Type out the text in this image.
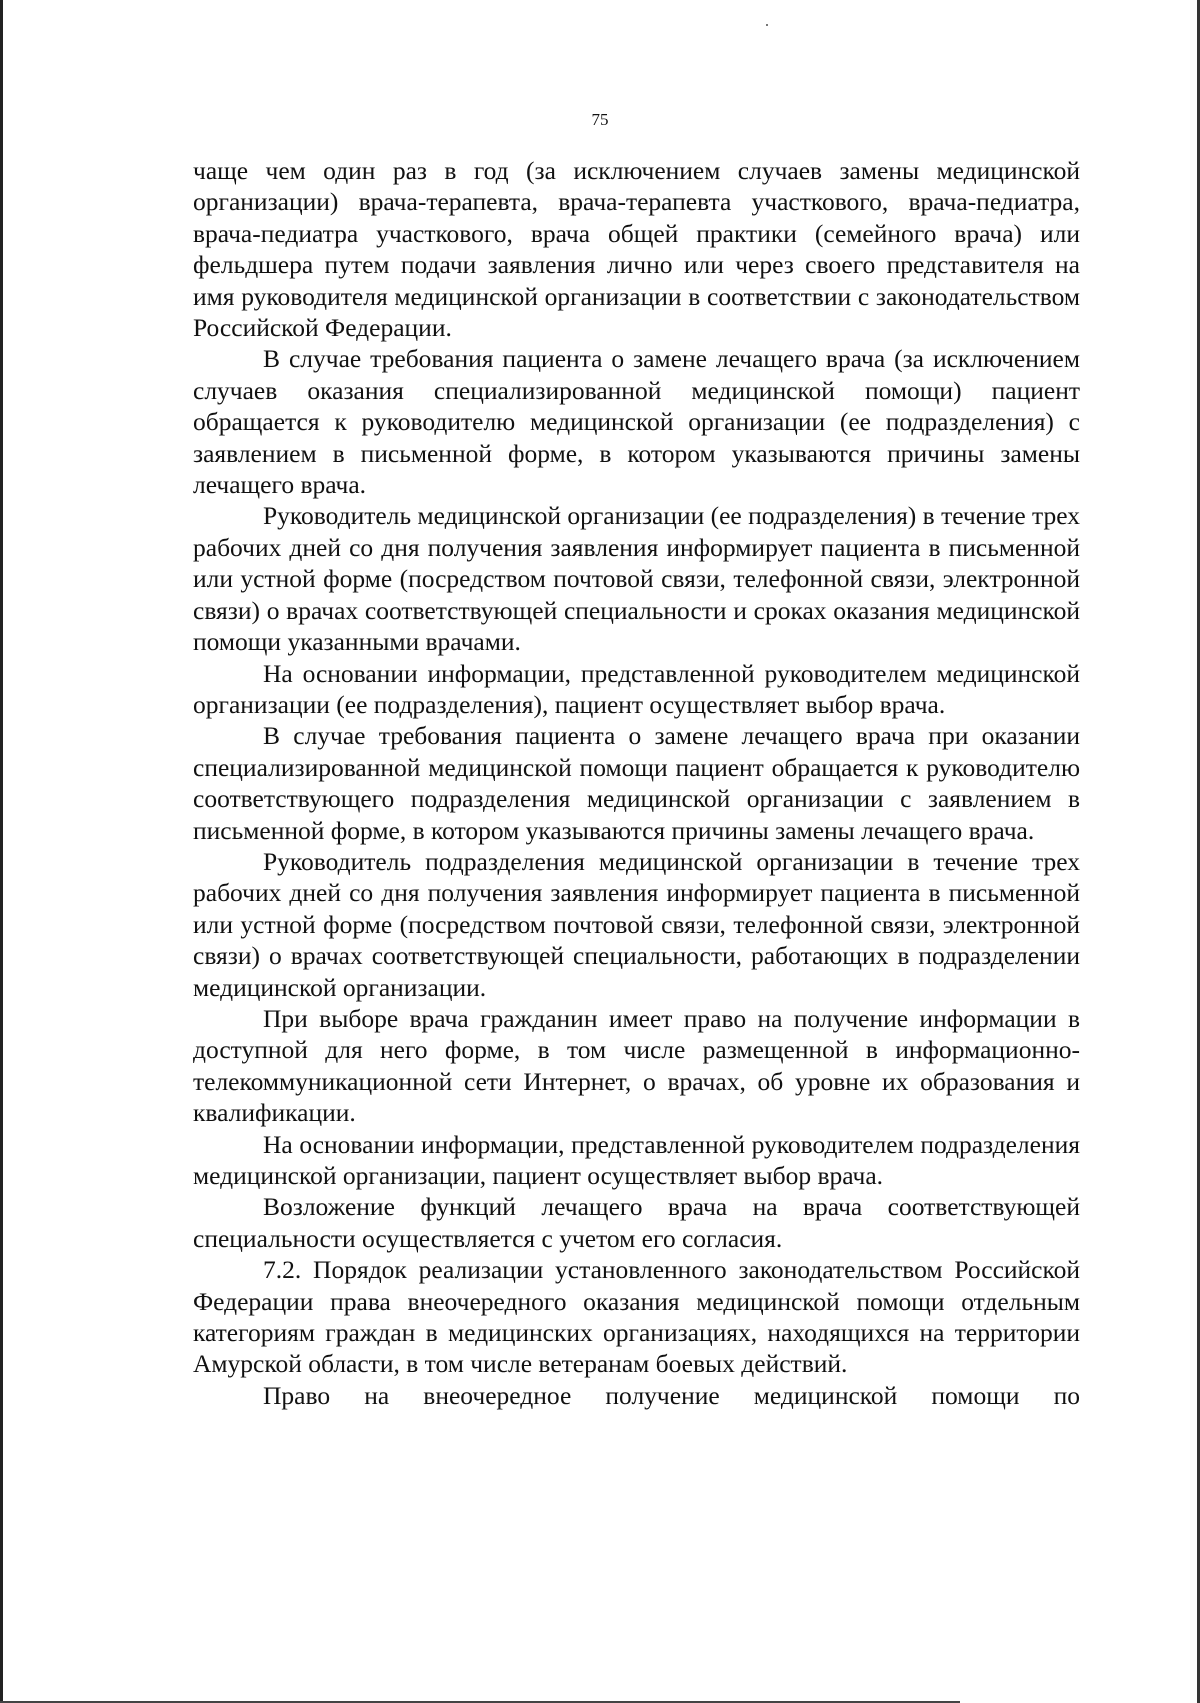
75

чаще чем один раз в год (за исключением случаев замены медицинской организации) врача-терапевта, врача-терапевта участкового, врача-педиатра, врача-педиатра участкового, врача общей практики (семейного врача) или фельдшера путем подачи заявления лично или через своего представителя на имя руководителя медицинской организации в соответствии с законодательством Российской Федерации.

В случае требования пациента о замене лечащего врача (за исключением случаев оказания специализированной медицинской помощи) пациент обращается к руководителю медицинской организации (ее подразделения) с заявлением в письменной форме, в котором указываются причины замены лечащего врача.

Руководитель медицинской организации (ее подразделения) в течение трех рабочих дней со дня получения заявления информирует пациента в письменной или устной форме (посредством почтовой связи, телефонной связи, электронной связи) о врачах соответствующей специальности и сроках оказания медицинской помощи указанными врачами.

На основании информации, представленной руководителем медицинской организации (ее подразделения), пациент осуществляет выбор врача.

В случае требования пациента о замене лечащего врача при оказании специализированной медицинской помощи пациент обращается к руководителю соответствующего подразделения медицинской организации с заявлением в письменной форме, в котором указываются причины замены лечащего врача.

Руководитель подразделения медицинской организации в течение трех рабочих дней со дня получения заявления информирует пациента в письменной или устной форме (посредством почтовой связи, телефонной связи, электронной связи) о врачах соответствующей специальности, работающих в подразделении медицинской организации.

При выборе врача гражданин имеет право на получение информации в доступной для него форме, в том числе размещенной в информационно-телекоммуникационной сети Интернет, о врачах, об уровне их образования и квалификации.

На основании информации, представленной руководителем подразделения медицинской организации, пациент осуществляет выбор врача.

Возложение функций лечащего врача на врача соответствующей специальности осуществляется с учетом его согласия.

7.2. Порядок реализации установленного законодательством Российской Федерации права внеочередного оказания медицинской помощи отдельным категориям граждан в медицинских организациях, находящихся на территории Амурской области, в том числе ветеранам боевых действий.

Право на внеочередное получение медицинской помощи по
